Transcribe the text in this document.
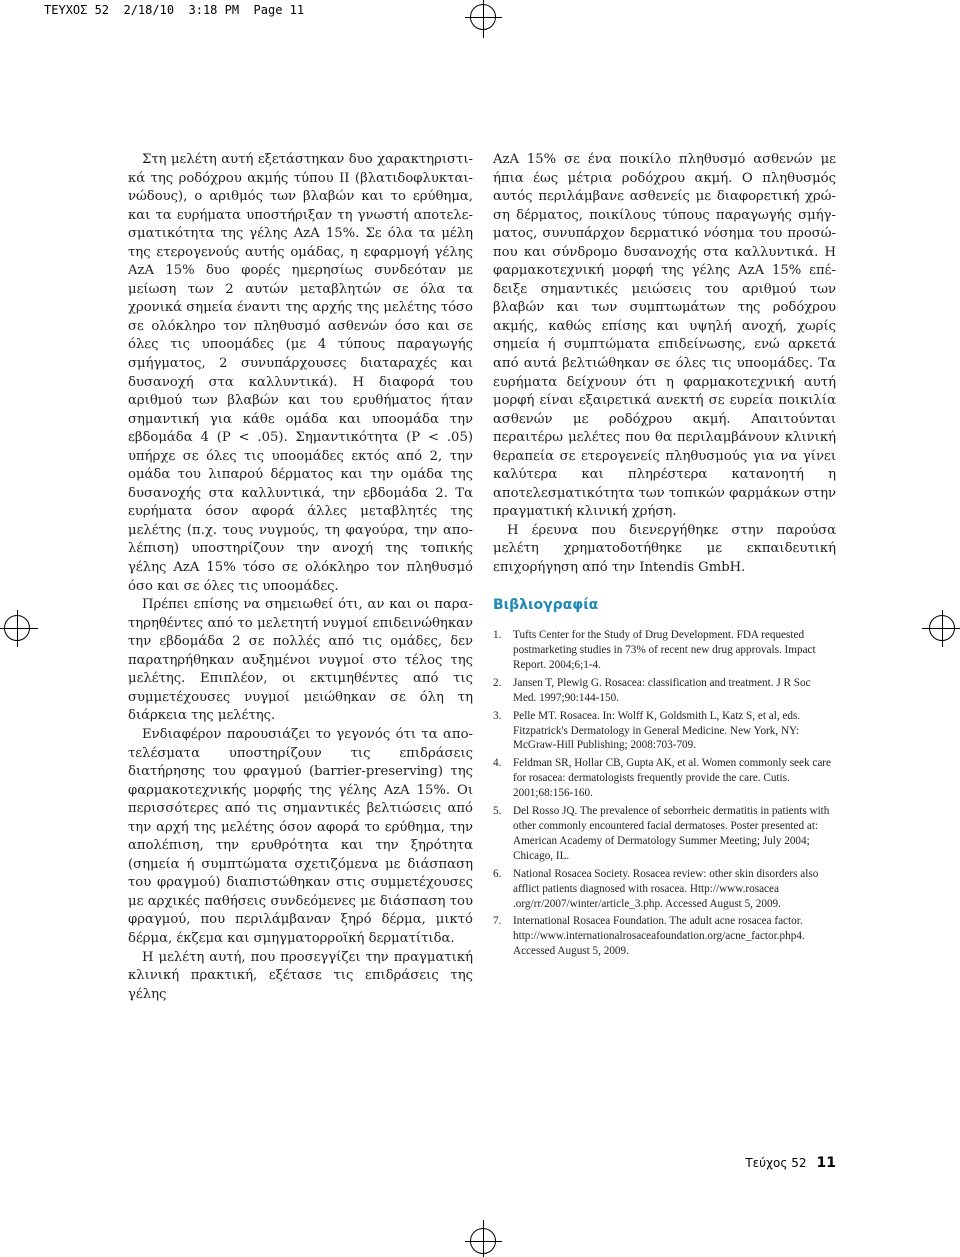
ΤΕΥΧΟΣ 52  2/18/10  3:18 PM  Page 11

Στη μελέτη αυτή εξετάστηκαν δυο χαρακτηριστικά της ροδόχρου ακμής τύπου ΙΙ (βλατιδοφλυκταινώδους), ο αριθμός των βλαβών και το ερύθημα, και τα ευρήματα υποστήριξαν τη γνωστή αποτελεσματικότητα της γέλης AzA 15%. Σε όλα τα μέλη της ετερογενούς αυτής ομάδας, η εφαρμογή γέλης AzA 15% δυο φορές ημερησίως συνδεόταν με μείωση των 2 αυτών μεταβλητών σε όλα τα χρονικά σημεία έναντι της αρχής της μελέτης τόσο σε ολόκληρο τον πληθυσμό ασθενών όσο και σε όλες τις υποομάδες (με 4 τύπους παραγωγής σμήγματος, 2 συνυπάρχουσες διαταραχές και δυσανοχή στα καλλυντικά). Η διαφορά του αριθμού των βλαβών και του ερυθήματος ήταν σημαντική για κάθε ομάδα και υποομάδα την εβδομάδα 4 (P < .05). Σημαντικότητα (P < .05) υπήρχε σε όλες τις υποομάδες εκτός από 2, την ομάδα του λιπαρού δέρματος και την ομάδα της δυσανοχής στα καλλυντικά, την εβδομάδα 2. Τα ευρήματα όσον αφορά άλλες μεταβλητές της μελέτης (π.χ. τους νυγμούς, τη φαγούρα, την απολέπιση) υποστηρίζουν την ανοχή της τοπικής γέλης AzA 15% τόσο σε ολόκληρο τον πληθυσμό όσο και σε όλες τις υποομάδες.

Πρέπει επίσης να σημειωθεί ότι, αν και οι παρατηρηθέντες από το μελετητή νυγμοί επιδεινώθηκαν την εβδομάδα 2 σε πολλές από τις ομάδες, δεν παρατηρήθηκαν αυξημένοι νυγμοί στο τέλος της μελέτης. Επιπλέον, οι εκτιμηθέντες από τις συμμετέχουσες νυγμοί μειώθηκαν σε όλη τη διάρκεια της μελέτης.

Ενδιαφέρον παρουσιάζει το γεγονός ότι τα αποτελέσματα υποστηρίζουν τις επιδράσεις διατήρησης του φραγμού (barrier-preserving) της φαρμακοτεχνικής μορφής της γέλης AzA 15%. Οι περισσότερες από τις σημαντικές βελτιώσεις από την αρχή της μελέτης όσον αφορά το ερύθημα, την απολέπιση, την ερυθρότητα και την ξηρότητα (σημεία ή συμπτώματα σχετιζόμενα με διάσπαση του φραγμού) διαπιστώθηκαν στις συμμετέχουσες με αρχικές παθήσεις συνδεόμενες με διάσπαση του φραγμού, που περιλάμβαναν ξηρό δέρμα, μικτό δέρμα, έκζεμα και σμηγματορροϊκή δερματίτιδα.

Η μελέτη αυτή, που προσεγγίζει την πραγματική κλινική πρακτική, εξέτασε τις επιδράσεις της γέλης

AzA 15% σε ένα ποικίλο πληθυσμό ασθενών με ήπια έως μέτρια ροδόχρου ακμή. Ο πληθυσμός αυτός περιλάμβανε ασθενείς με διαφορετική χρώση δέρματος, ποικίλους τύπους παραγωγής σμήγματος, συνυπάρχον δερματικό νόσημα του προσώπου και σύνδρομο δυσανοχής στα καλλυντικά. Η φαρμακοτεχνική μορφή της γέλης AzA 15% επέδειξε σημαντικές μειώσεις του αριθμού των βλαβών και των συμπτωμάτων της ροδόχρου ακμής, καθώς επίσης και υψηλή ανοχή, χωρίς σημεία ή συμπτώματα επιδείνωσης, ενώ αρκετά από αυτά βελτιώθηκαν σε όλες τις υποομάδες. Τα ευρήματα δείχνουν ότι η φαρμακοτεχνική αυτή μορφή είναι εξαιρετικά ανεκτή σε ευρεία ποικιλία ασθενών με ροδόχρου ακμή. Απαιτούνται περαιτέρω μελέτες που θα περιλαμβάνουν κλινική θεραπεία σε ετερογενείς πληθυσμούς για να γίνει καλύτερα και πληρέστερα κατανοητή η αποτελεσματικότητα των τοπικών φαρμάκων στην πραγματική κλινική χρήση.

Η έρευνα που διενεργήθηκε στην παρούσα μελέτη χρηματοδοτήθηκε με εκπαιδευτική επιχορήγηση από την Intendis GmbH.

Βιβλιογραφία
1.	Tufts Center for the Study of Drug Development. FDA requested postmarketing studies in 73% of recent new drug approvals. Impact Report. 2004;6;1-4.
2.	Jansen T, Plewig G. Rosacea: classification and treatment. J R Soc Med. 1997;90:144-150.
3.	Pelle MT. Rosacea. In: Wolff K, Goldsmith L, Katz S, et al, eds. Fitzpatrick's Dermatology in General Medicine. New York, NY: McGraw-Hill Publishing; 2008:703-709.
4.	Feldman SR, Hollar CB, Gupta AK, et al. Women commonly seek care for rosacea: dermatologists frequently provide the care. Cutis. 2001;68:156-160.
5.	Del Rosso JQ. The prevalence of seborrheic dermatitis in patients with other commonly encountered facial dermatoses. Poster presented at: American Academy of Dermatology Summer Meeting; July 2004; Chicago, IL.
6.	National Rosacea Society. Rosacea review: other skin disorders also afflict patients diagnosed with rosacea. Http://www.rosacea .org/rr/2007/winter/article_3.php. Accessed August 5, 2009.
7.	International Rosacea Foundation. The adult acne rosacea factor. http://www.internationalrosaceafoundation.org/acne_factor.php4. Accessed August 5, 2009.
Τεύχος 52 11
